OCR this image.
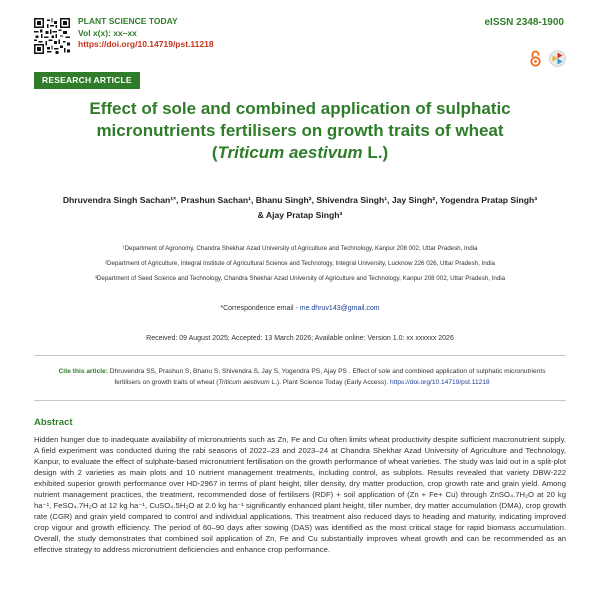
PLANT SCIENCE TODAY
Vol x(x): xx–xx
https://doi.org/10.14719/pst.11218
eISSN 2348-1900
RESEARCH ARTICLE
Effect of sole and combined application of sulphatic
micronutrients fertilisers on growth traits of wheat
(Triticum aestivum L.)
Dhruvendra Singh Sachan¹˟, Prashun Sachan¹, Bhanu Singh², Shivendra Singh¹, Jay Singh², Yogendra Pratap Singh³
& Ajay Pratap Singh³
¹Department of Agronomy, Chandra Shekhar Azad University of Agriculture and Technology, Kanpur 208 002, Uttar Pradesh, India
²Department of Agriculture, Integral Institute of Agricultural Science and Technology, Integral University, Lucknow 226 026, Uttar Pradesh, India
³Department of Seed Science and Technology, Chandra Shekhar Azad University of Agriculture and Technology, Kanpur 208 002, Uttar Pradesh, India
*Correspondence email - me.dhruv143@gmail.com
Received: 09 August 2025; Accepted: 13 March 2026; Available online: Version 1.0: xx xxxxxx 2026
Cite this article: Dhruvendra SS, Prashun S, Bhanu S, Shivendra S, Jay S, Yogendra PS, Ajay PS . Effect of sole and combined application of sulphatic micronutrients fertilisers on growth traits of wheat (Triticum aestivum L.). Plant Science Today (Early Access). https://doi.org/10.14719/pst.11218
Abstract
Hidden hunger due to inadequate availability of micronutrients such as Zn, Fe and Cu often limits wheat productivity despite sufficient macronutrient supply. A field experiment was conducted during the rabi seasons of 2022–23 and 2023–24 at Chandra Shekhar Azad University of Agriculture and Technology, Kanpur, to evaluate the effect of sulphate-based micronutrient fertilisation on the growth performance of wheat varieties. The study was laid out in a split-plot design with 2 varieties as main plots and 10 nutrient management treatments, including control, as subplots. Results revealed that variety DBW-222 exhibited superior growth performance over HD-2967 in terms of plant height, tiller density, dry matter production, crop growth rate and grain yield. Among nutrient management practices, the treatment, recommended dose of fertilisers (RDF) + soil application of (Zn + Fe+ Cu) through ZnSO₄.7H₂O at 20 kg ha⁻¹, FeSO₄.7H₂O at 12 kg ha⁻¹, CuSO₄.5H₂O at 2.0 kg ha⁻¹ significantly enhanced plant height, tiller number, dry matter accumulation (DMA), crop growth rate (CGR) and grain yield compared to control and individual applications. This treatment also reduced days to heading and maturity, indicating improved crop vigour and growth efficiency. The period of 60–90 days after sowing (DAS) was identified as the most critical stage for rapid biomass accumulation. Overall, the study demonstrates that combined soil application of Zn, Fe and Cu substantially improves wheat growth and can be recommended as an effective strategy to address micronutrient deficiencies and enhance crop performance.
